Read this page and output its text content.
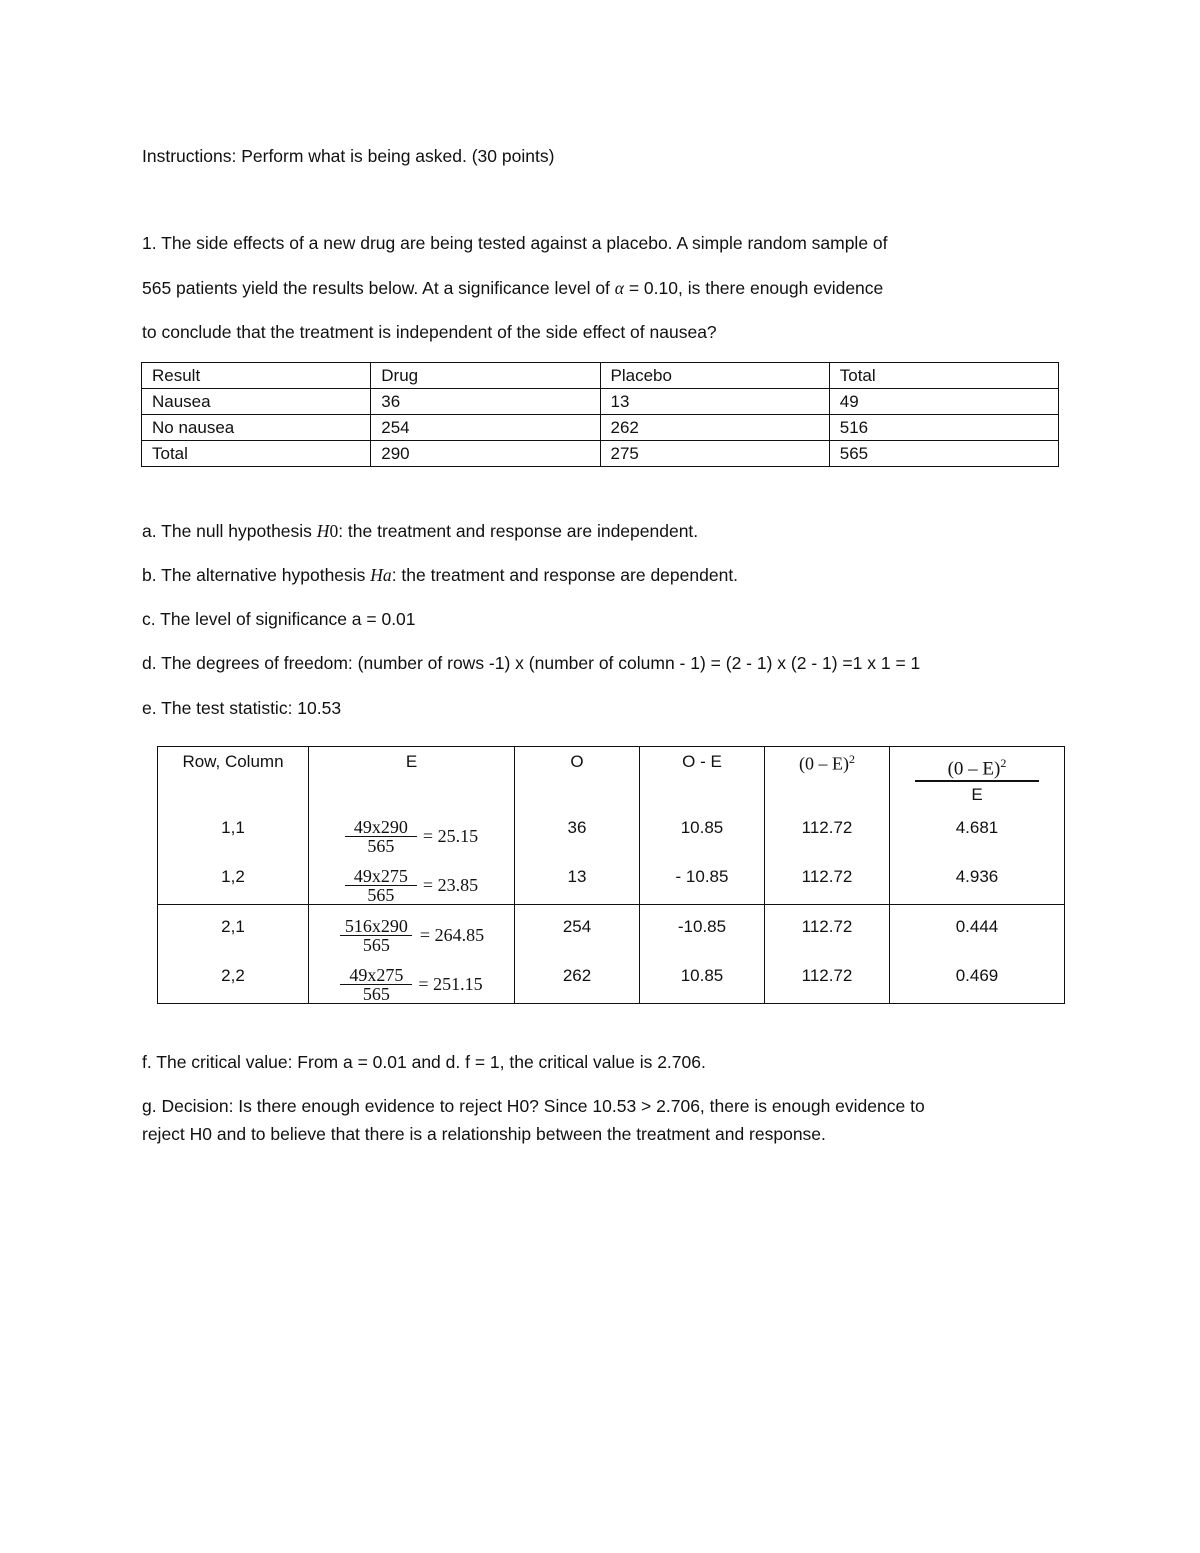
Instructions: Perform what is being asked. (30 points)
1. The side effects of a new drug are being tested against a placebo. A simple random sample of
565 patients yield the results below. At a significance level of α = 0.10, is there enough evidence
to conclude that the treatment is independent of the side effect of nausea?
Result	Drug	Placebo	Total
Nausea	36	13	49
No nausea	254	262	516
Total	290	275	565
a. The null hypothesis H0: the treatment and response are independent.
b. The alternative hypothesis Ha: the treatment and response are dependent.
c. The level of significance a = 0.01
d. The degrees of freedom: (number of rows -1) x (number of column - 1) = (2 - 1) x (2 - 1) =1 x 1 = 1
e. The test statistic: 10.53
Row, Column	E	O	O - E	(0 – E)$^2$	$\frac{(0 - E)^2}{E}$

1,1	$\frac{49x290}{565} = 25.15$	36	10.85	112.72	4.681
1,2	$\frac{49x275}{565} = 23.85$	13	- 10.85	112.72	4.936
2,1	$\frac{516x290}{565} = 264.85$	254	-10.85	112.72	0.444
2,2	$\frac{49x275}{565} = 251.15$	262	10.85	112.72	0.469
f. The critical value: From a = 0.01 and d. f = 1, the critical value is 2.706.
g. Decision: Is there enough evidence to reject H0? Since 10.53 > 2.706, there is enough evidence to
reject H0 and to believe that there is a relationship between the treatment and response.
